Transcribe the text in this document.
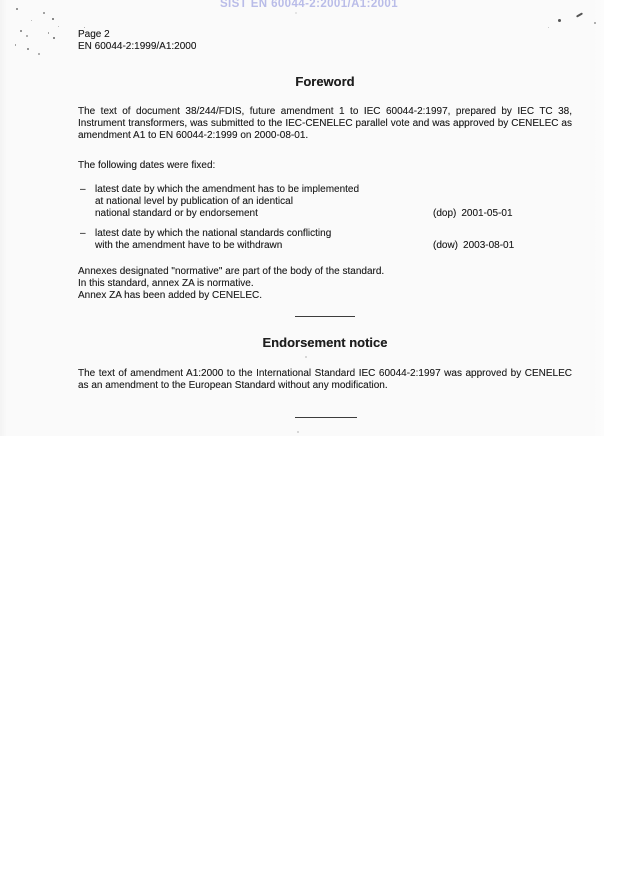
SIST EN 60044-2:2001/A1:2001
Page 2
EN 60044-2:1999/A1:2000
Foreword
The text of document 38/244/FDIS, future amendment 1 to IEC 60044-2:1997, prepared by IEC TC 38, Instrument transformers, was submitted to the IEC-CENELEC parallel vote and was approved by CENELEC as amendment A1 to EN 60044-2:1999 on 2000-08-01.
The following dates were fixed:
– latest date by which the amendment has to be implemented
at national level by publication of an identical
national standard or by endorsement	(dop) 2001-05-01
– latest date by which the national standards conflicting
with the amendment have to be withdrawn	(dow) 2003-08-01
Annexes designated "normative" are part of the body of the standard.
In this standard, annex ZA is normative.
Annex ZA has been added by CENELEC.
Endorsement notice
The text of amendment A1:2000 to the International Standard IEC 60044-2:1997 was approved by CENELEC as an amendment to the European Standard without any modification.
